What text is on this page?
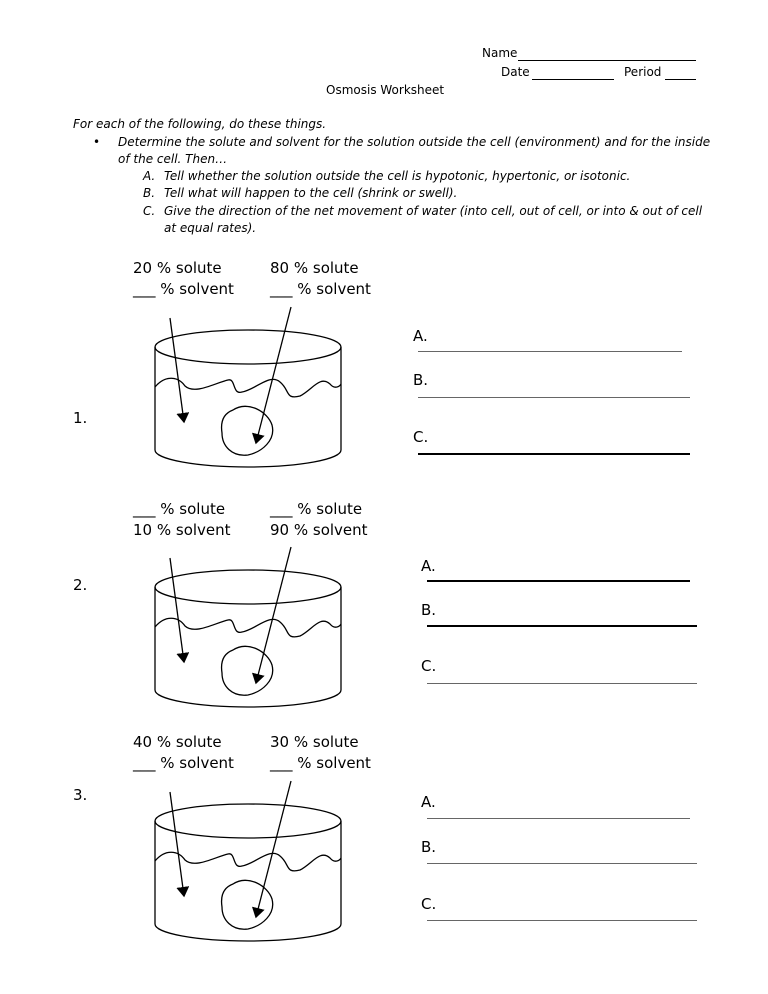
Name
Date	Period
Osmosis Worksheet
For each of the following, do these things.
• Determine the solute and solvent for the solution outside the cell (environment) and for the inside
of the cell. Then…
A. Tell whether the solution outside the cell is hypotonic, hypertonic, or isotonic.
B. Tell what will happen to the cell (shrink or swell).
C. Give the direction of the net movement of water (into cell, out of cell, or into & out of cell
at equal rates).
20 % solute
___ % solvent
80 % solute
___ % solvent
1.
A.
B.
C.
___ % solute
10 % solvent
___ % solute
90 % solvent
2.
A.
B.
C.
40 % solute
___ % solvent
30 % solute
___ % solvent
3.	A.
B.
C.
